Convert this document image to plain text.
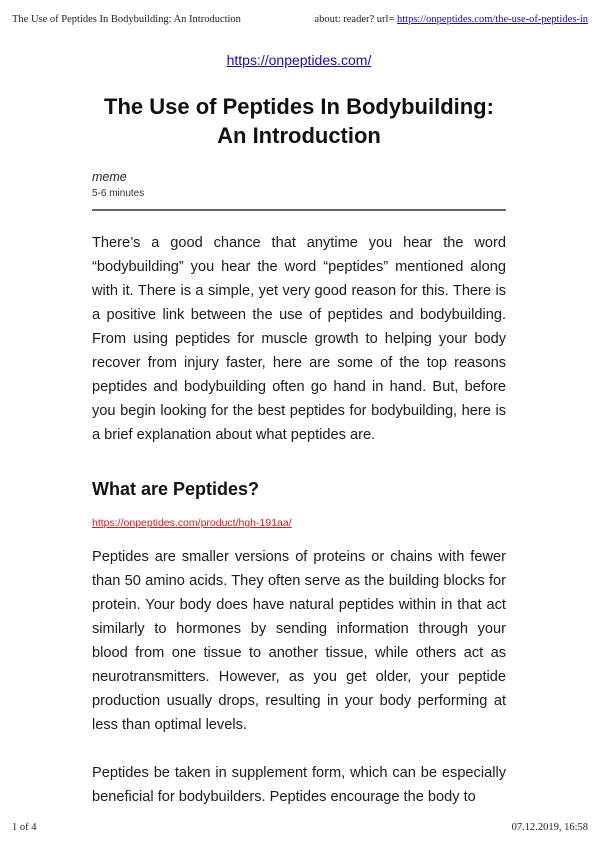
The Use of Peptides In Bodybuilding: An Introduction	about: reader? url= https://onpeptides.com/the-use-of-peptides-in
https://onpeptides.com/
The Use of Peptides In Bodybuilding: An Introduction
meme
5-6 minutes

There’s a good chance that anytime you hear the word “bodybuilding” you hear the word “peptides” mentioned along with it. There is a simple, yet very good reason for this. There is a positive link between the use of peptides and bodybuilding. From using peptides for muscle growth to helping your body recover from injury faster, here are some of the top reasons peptides and bodybuilding often go hand in hand. But, before you begin looking for the best peptides for bodybuilding, here is a brief explanation about what peptides are.

What are Peptides?
https://onpeptides.com/product/hgh-191aa/

Peptides are smaller versions of proteins or chains with fewer than 50 amino acids. They often serve as the building blocks for protein. Your body does have natural peptides within in that act similarly to hormones by sending information through your blood from one tissue to another tissue, while others act as neurotransmitters. However, as you get older, your peptide production usually drops, resulting in your body performing at less than optimal levels.

Peptides be taken in supplement form, which can be especially beneficial for bodybuilders. Peptides encourage the body to

1 of 4	07.12.2019, 16:58
